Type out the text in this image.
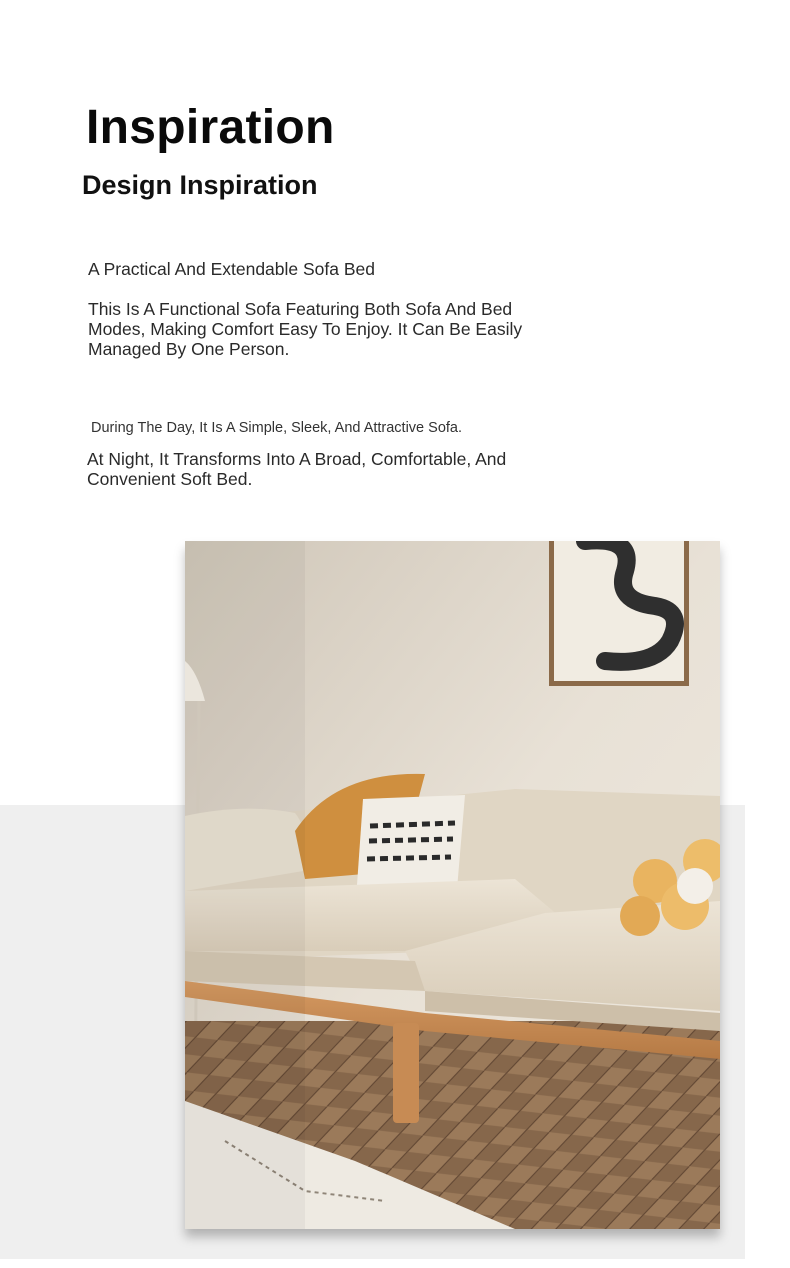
Inspiration
Design Inspiration

A Practical And Extendable Sofa Bed

This Is A Functional Sofa Featuring Both Sofa And Bed Modes, Making Comfort Easy To Enjoy. It Can Be Easily Managed By One Person.

During The Day, It Is A Simple, Sleek, And Attractive Sofa.

At Night, It Transforms Into A Broad, Comfortable, And Convenient Soft Bed.
